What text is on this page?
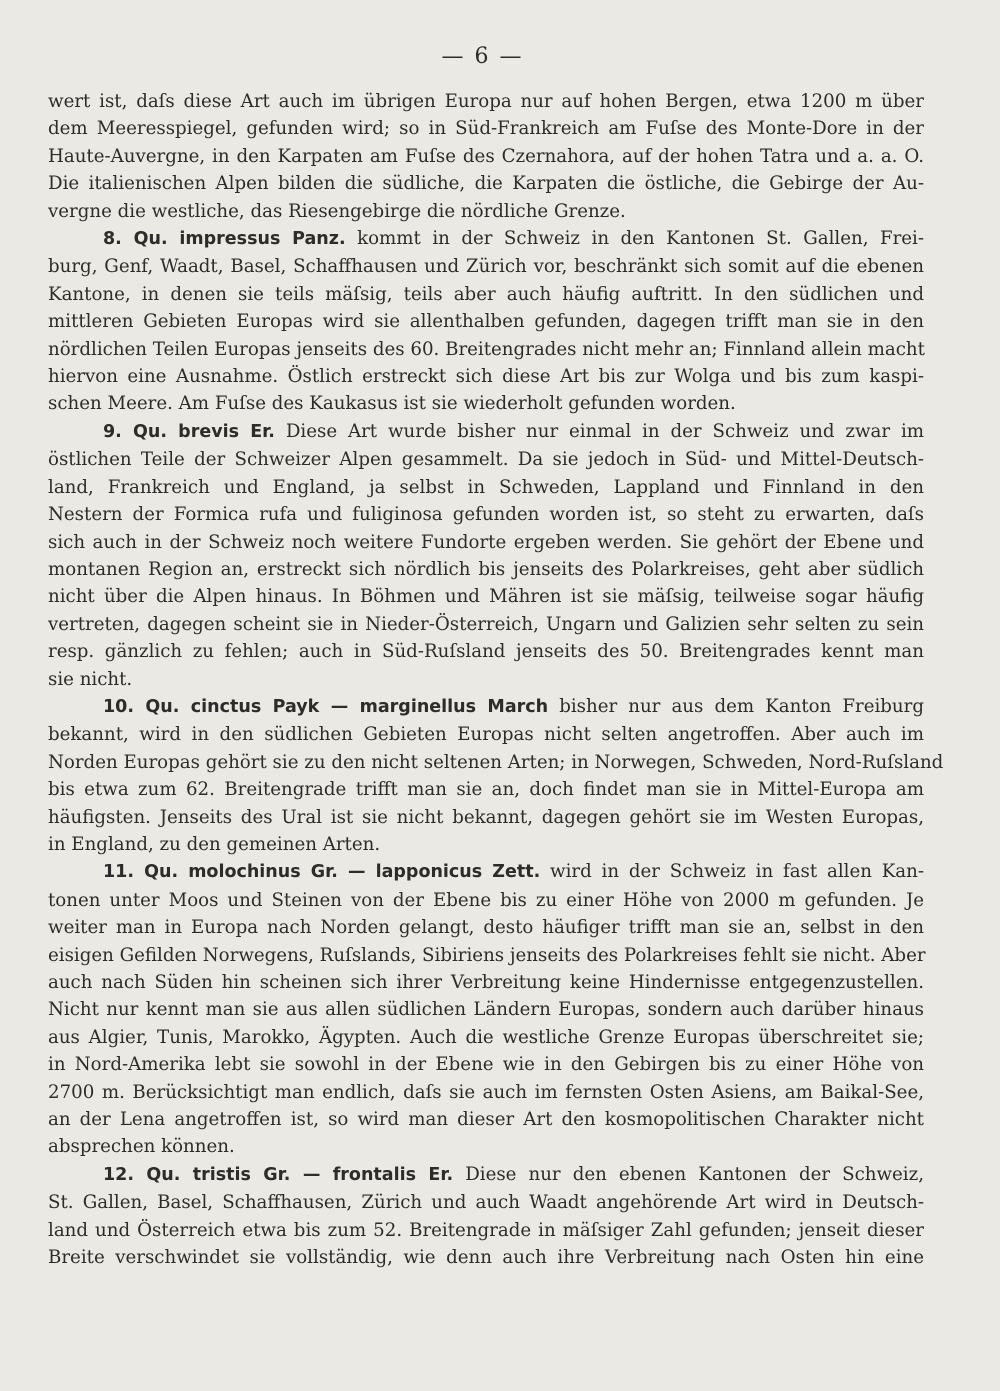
— 6 —

wert ist, daſs diese Art auch im übrigen Europa nur auf hohen Bergen, etwa 1200 m über
dem Meeresspiegel, gefunden wird; so in Süd-Frankreich am Fuſse des Monte-Dore in der
Haute-Auvergne, in den Karpaten am Fuſse des Czernahora, auf der hohen Tatra und a. a. O.
Die italienischen Alpen bilden die südliche, die Karpaten die östliche, die Gebirge der Au-
vergne die westliche, das Riesengebirge die nördliche Grenze.

8. Qu. impressus Panz. kommt in der Schweiz in den Kantonen St. Gallen, Frei-
burg, Genf, Waadt, Basel, Schaffhausen und Zürich vor, beschränkt sich somit auf die ebenen
Kantone, in denen sie teils mäſsig, teils aber auch häufig auftritt. In den südlichen und
mittleren Gebieten Europas wird sie allenthalben gefunden, dagegen trifft man sie in den
nördlichen Teilen Europas jenseits des 60. Breitengrades nicht mehr an; Finnland allein macht
hiervon eine Ausnahme. Östlich erstreckt sich diese Art bis zur Wolga und bis zum kaspi-
schen Meere. Am Fuſse des Kaukasus ist sie wiederholt gefunden worden.

9. Qu. brevis Er. Diese Art wurde bisher nur einmal in der Schweiz und zwar im
östlichen Teile der Schweizer Alpen gesammelt. Da sie jedoch in Süd- und Mittel-Deutsch-
land, Frankreich und England, ja selbst in Schweden, Lappland und Finnland in den
Nestern der Formica rufa und fuliginosa gefunden worden ist, so steht zu erwarten, daſs
sich auch in der Schweiz noch weitere Fundorte ergeben werden. Sie gehört der Ebene und
montanen Region an, erstreckt sich nördlich bis jenseits des Polarkreises, geht aber südlich
nicht über die Alpen hinaus. In Böhmen und Mähren ist sie mäſsig, teilweise sogar häufig
vertreten, dagegen scheint sie in Nieder-Österreich, Ungarn und Galizien sehr selten zu sein
resp. gänzlich zu fehlen; auch in Süd-Ruſsland jenseits des 50. Breitengrades kennt man
sie nicht.

10. Qu. cinctus Payk — marginellus March bisher nur aus dem Kanton Freiburg
bekannt, wird in den südlichen Gebieten Europas nicht selten angetroffen. Aber auch im
Norden Europas gehört sie zu den nicht seltenen Arten; in Norwegen, Schweden, Nord-Ruſsland
bis etwa zum 62. Breitengrade trifft man sie an, doch findet man sie in Mittel-Europa am
häufigsten. Jenseits des Ural ist sie nicht bekannt, dagegen gehört sie im Westen Europas,
in England, zu den gemeinen Arten.

11. Qu. molochinus Gr. — lapponicus Zett. wird in der Schweiz in fast allen Kan-
tonen unter Moos und Steinen von der Ebene bis zu einer Höhe von 2000 m gefunden. Je
weiter man in Europa nach Norden gelangt, desto häufiger trifft man sie an, selbst in den
eisigen Gefilden Norwegens, Ruſslands, Sibiriens jenseits des Polarkreises fehlt sie nicht. Aber
auch nach Süden hin scheinen sich ihrer Verbreitung keine Hindernisse entgegenzustellen.
Nicht nur kennt man sie aus allen südlichen Ländern Europas, sondern auch darüber hinaus
aus Algier, Tunis, Marokko, Ägypten. Auch die westliche Grenze Europas überschreitet sie;
in Nord-Amerika lebt sie sowohl in der Ebene wie in den Gebirgen bis zu einer Höhe von
2700 m. Berücksichtigt man endlich, daſs sie auch im fernsten Osten Asiens, am Baikal-See,
an der Lena angetroffen ist, so wird man dieser Art den kosmopolitischen Charakter nicht
absprechen können.

12. Qu. tristis Gr. — frontalis Er. Diese nur den ebenen Kantonen der Schweiz,
St. Gallen, Basel, Schaffhausen, Zürich und auch Waadt angehörende Art wird in Deutsch-
land und Österreich etwa bis zum 52. Breitengrade in mäſsiger Zahl gefunden; jenseit dieser
Breite verschwindet sie vollständig, wie denn auch ihre Verbreitung nach Osten hin eine
